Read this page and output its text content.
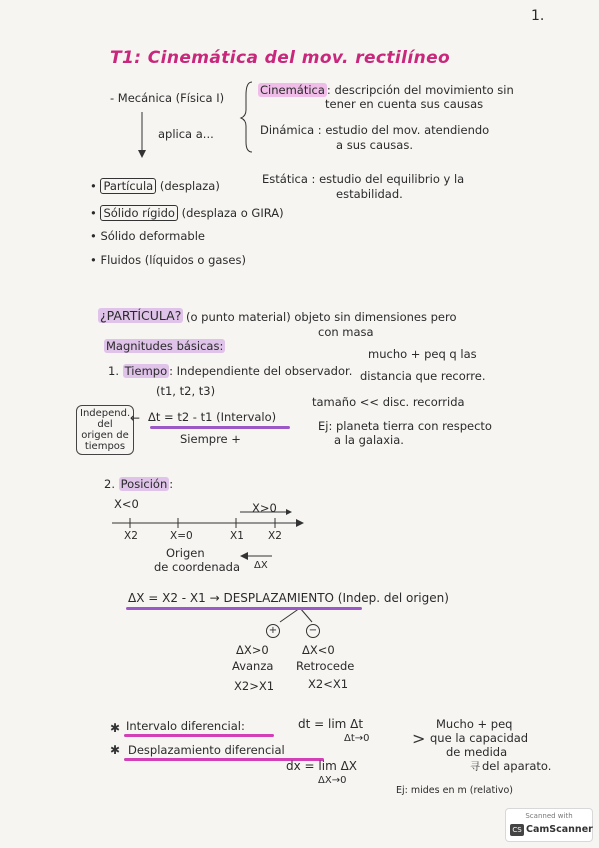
1.
T1: Cinemática del mov. rectilíneo
- Mecánica (Física I)
Cinemática : descripción del movimiento sin
tener en cuenta sus causas
aplica a...	Dinámica : estudio del mov. atendiendo
a sus causas.
Estática : estudio del equilibrio y la
estabilidad.
• Partícula (desplaza)
• Sólido rígido (desplaza o GIRA)
• Sólido deformable
• Fluidos (líquidos o gases)
¿PARTÍCULA? (o punto material) objeto sin dimensiones pero
con masa
Magnitudes básicas:
mucho + peq q las
distancia que recorre.
1. Tiempo : Independiente del observador.
(t1, t2, t3)
Independ. del origen de tiempos
← Δt = t2 - t1 (Intervalo)
Siempre +
tamaño << disc. recorrida
Ej: planeta tierra con respecto
a la galaxia.
2. Posición :
X<0	X>0
✱
✱
>
寻
X2	X=0	X1 X2
Origen
de coordenada ΔX
ΔX = X2 - X1 → DESPLAZAMIENTO (Indep. del origen)
+	−
ΔX>0
Avanza
X2>X1
ΔX<0
Retrocede
X2<X1
Intervalo diferencial:	dt = lim Δt
Δt→0
Desplazamiento diferencial
dx = lim ΔX
ΔX→0
Mucho + peq
que la capacidad
de medida
del aparato.
Ej: mides en m (relativo)
Scanned with
CS CamScanner
